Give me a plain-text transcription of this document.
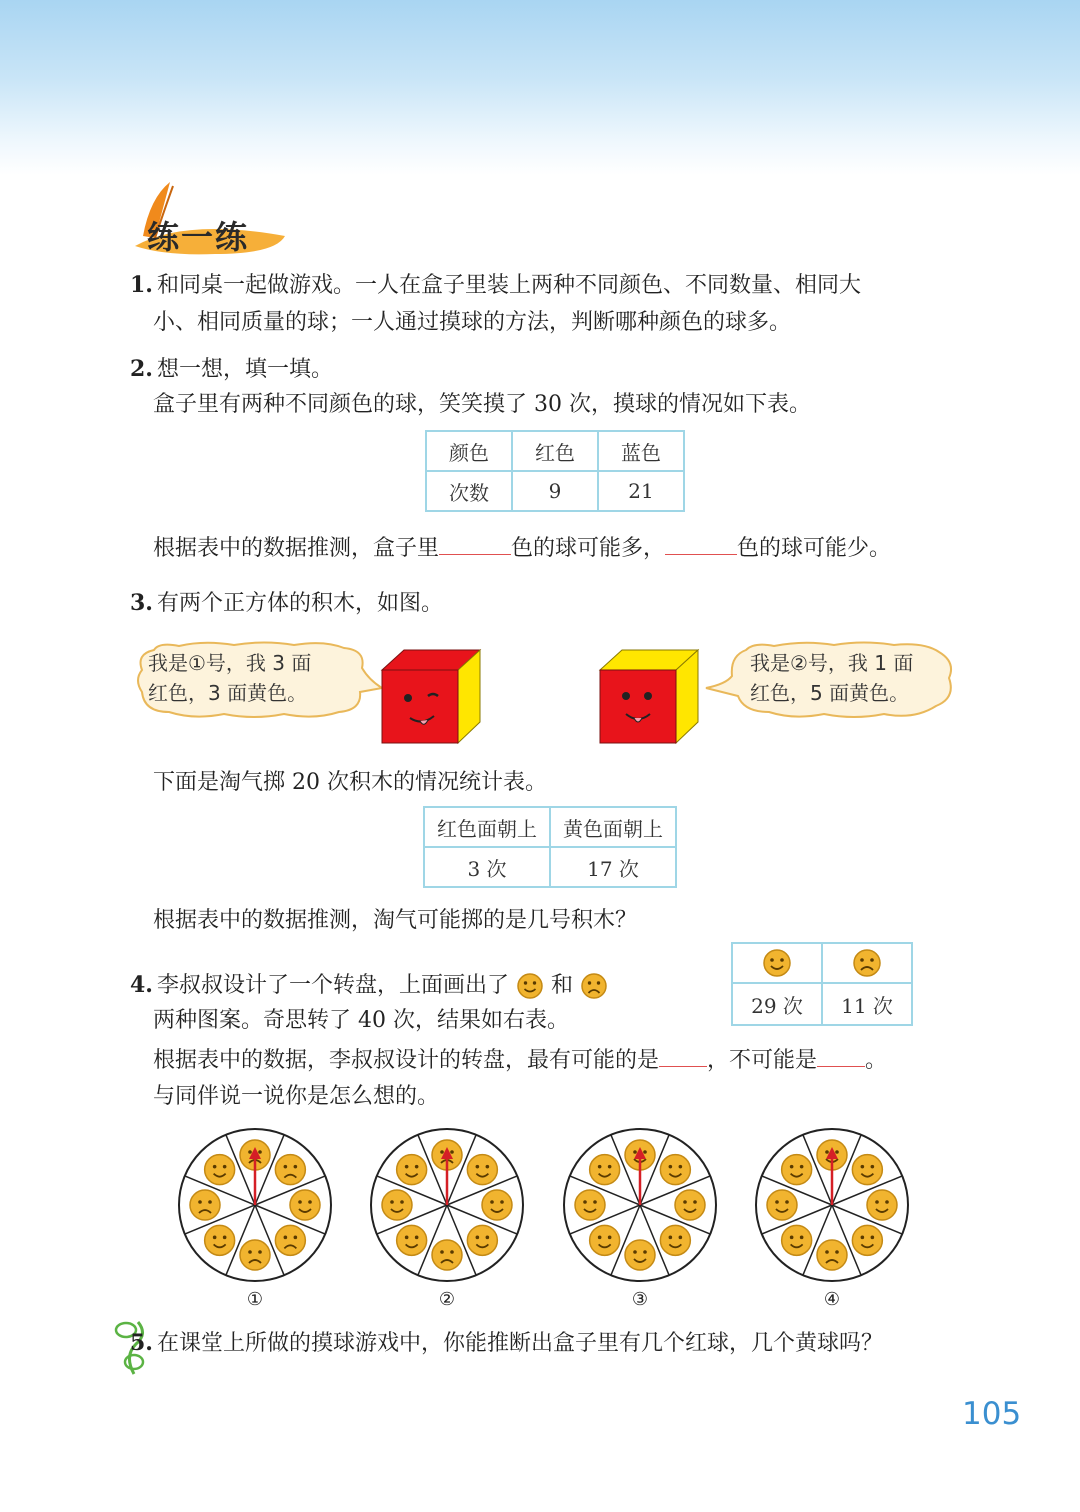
练一练
1. 和同桌一起做游戏。一人在盒子里装上两种不同颜色、不同数量、相同大
小、相同质量的球；一人通过摸球的方法，判断哪种颜色的球多。
2. 想一想，填一填。
盒子里有两种不同颜色的球，笑笑摸了 30 次，摸球的情况如下表。
颜色	红色	蓝色
次数	9	21
根据表中的数据推测，盒子里	色的球可能多，	色的球可能少。
3. 有两个正方体的积木，如图。
我是①号，我 3 面
红色，3 面黄色。
我是②号，我 1 面
红色，5 面黄色。
下面是淘气掷 20 次积木的情况统计表。
红色面朝上	黄色面朝上
3 次	17 次
根据表中的数据推测，淘气可能掷的是几号积木？

29 次	11 次
4. 李叔叔设计了一个转盘，上面画出了 和
两种图案。奇思转了 40 次，结果如右表。
根据表中的数据，李叔叔设计的转盘，最有可能的是 ，不可能是 。
与同伴说一说你是怎么想的。
①	②	③	④
5. 在课堂上所做的摸球游戏中，你能推断出盒子里有几个红球，几个黄球吗？
105
